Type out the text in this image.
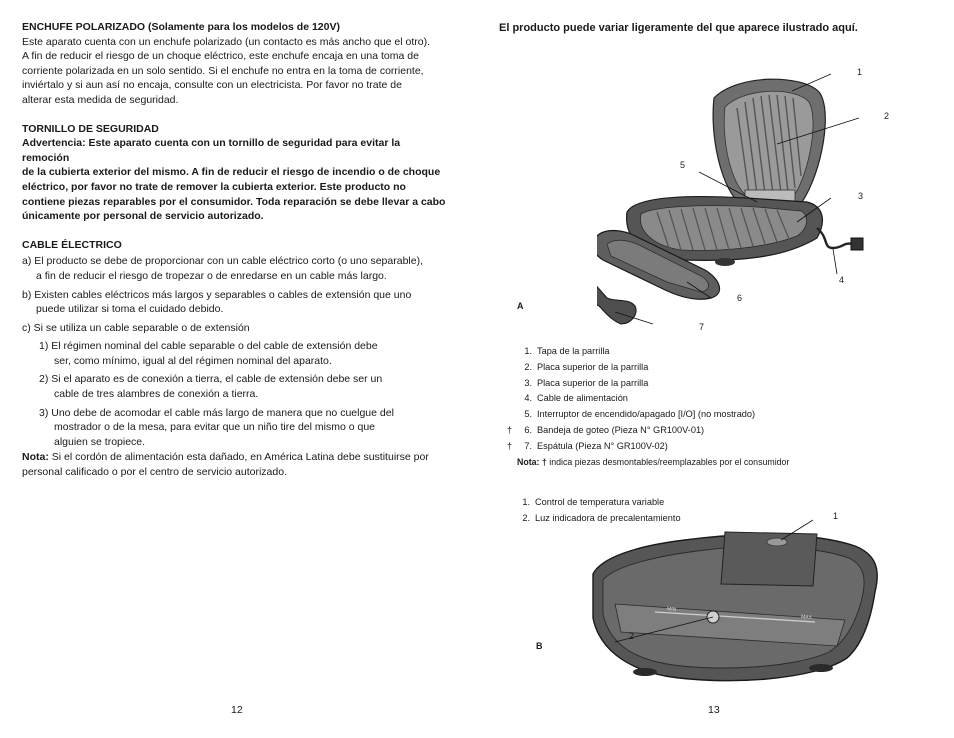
ENCHUFE POLARIZADO (Solamente para los modelos de 120V)
Este aparato cuenta con un enchufe polarizado (un contacto es más ancho que el otro).
A fin de reducir el riesgo de un choque eléctrico, este enchufe encaja en una toma de
corriente polarizada en un solo sentido. Si el enchufe no entra en la toma de corriente,
inviértalo y si aun así no encaja, consulte con un electricista. Por favor no trate de
alterar esta medida de seguridad.
TORNILLO DE SEGURIDAD
Advertencia: Este aparato cuenta con un tornillo de seguridad para evitar la remoción
de la cubierta exterior del mismo. A fin de reducir el riesgo de incendio o de choque
eléctrico, por favor no trate de remover la cubierta exterior. Este producto no
contiene piezas reparables por el consumidor. Toda reparación se debe llevar a cabo
únicamente por personal de servicio autorizado.
CABLE ÉLECTRICO
a) El producto se debe de proporcionar con un cable eléctrico corto (o uno separable),
a fin de reducir el riesgo de tropezar o de enredarse en un cable más largo.
b) Existen cables eléctricos más largos y separables o cables de extensión que uno
puede utilizar si toma el cuidado debido.
c) Si se utiliza un cable separable o de extensión
1) El régimen nominal del cable separable o del cable de extensión debe
ser, como mínimo, igual al del régimen nominal del aparato.
2) Si el aparato es de conexión a tierra, el cable de extensión debe ser un
cable de tres alambres de conexión a tierra.
3) Uno debe de acomodar el cable más largo de manera que no cuelgue del
mostrador o de la mesa, para evitar que un niño tire del mismo o que
alguien se tropiece.
Nota: Si el cordón de alimentación esta dañado, en América Latina debe sustituirse por
personal calificado o por el centro de servicio autorizado.
12
El producto puede variar ligeramente del que aparece ilustrado aquí.
1
2
3
4
5
6
7
A
1. Tapa de la parrilla
2. Placa superior de la parrilla
3. Placa superior de la parrilla
4. Cable de alimentación
5. Interruptor de encendido/apagado [I/O] (no mostrado)
†	6. Bandeja de goteo (Pieza N° GR100V-01)
†	7. Espátula (Pieza N° GR100V-02)
Nota: † indica piezas desmontables/reemplazables por el consumidor
1. Control de temperatura variable
2. Luz indicadora de precalentamiento
MIN
MAX
1
2
B
13
